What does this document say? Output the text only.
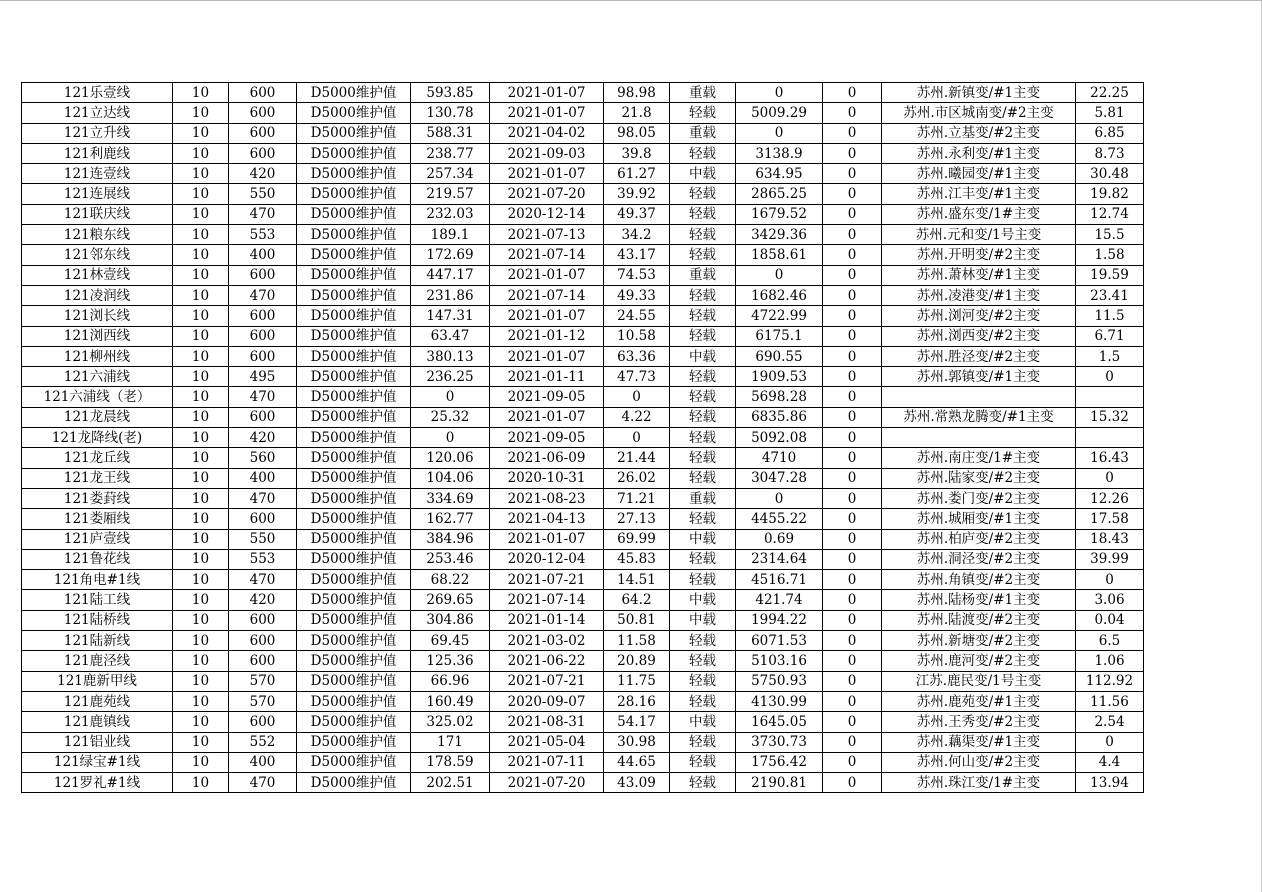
121乐壹线	10	600	D5000维护值	593.85	2021-01-07	98.98	重载	0	0	苏州.新镇变/#1主变	22.25
121立达线	10	600	D5000维护值	130.78	2021-01-07	21.8	轻载	5009.29	0	苏州.市区城南变/#2主变	5.81
121立升线	10	600	D5000维护值	588.31	2021-04-02	98.05	重载	0	0	苏州.立基变/#2主变	6.85
121利鹿线	10	600	D5000维护值	238.77	2021-09-03	39.8	轻载	3138.9	0	苏州.永利变/#1主变	8.73
121连壹线	10	420	D5000维护值	257.34	2021-01-07	61.27	中载	634.95	0	苏州.曦园变/#1主变	30.48
121连展线	10	550	D5000维护值	219.57	2021-07-20	39.92	轻载	2865.25	0	苏州.江丰变/#1主变	19.82
121联庆线	10	470	D5000维护值	232.03	2020-12-14	49.37	轻载	1679.52	0	苏州.盛东变/1#主变	12.74
121粮东线	10	553	D5000维护值	189.1	2021-07-13	34.2	轻载	3429.36	0	苏州.元和变/1号主变	15.5
121邻东线	10	400	D5000维护值	172.69	2021-07-14	43.17	轻载	1858.61	0	苏州.开明变/#2主变	1.58
121林壹线	10	600	D5000维护值	447.17	2021-01-07	74.53	重载	0	0	苏州.萧林变/#1主变	19.59
121凌润线	10	470	D5000维护值	231.86	2021-07-14	49.33	轻载	1682.46	0	苏州.凌港变/#1主变	23.41
121浏长线	10	600	D5000维护值	147.31	2021-01-07	24.55	轻载	4722.99	0	苏州.浏河变/#2主变	11.5
121浏西线	10	600	D5000维护值	63.47	2021-01-12	10.58	轻载	6175.1	0	苏州.浏西变/#2主变	6.71
121柳州线	10	600	D5000维护值	380.13	2021-01-07	63.36	中载	690.55	0	苏州.胜泾变/#2主变	1.5
121六浦线	10	495	D5000维护值	236.25	2021-01-11	47.73	轻载	1909.53	0	苏州.郭镇变/#1主变	0
121六浦线（老）	10	470	D5000维护值	0	2021-09-05	0	轻载	5698.28	0		
121龙晨线	10	600	D5000维护值	25.32	2021-01-07	4.22	轻载	6835.86	0	苏州.常熟龙腾变/#1主变	15.32
121龙降线(老)	10	420	D5000维护值	0	2021-09-05	0	轻载	5092.08	0		
121龙丘线	10	560	D5000维护值	120.06	2021-06-09	21.44	轻载	4710	0	苏州.南庄变/1#主变	16.43
121龙王线	10	400	D5000维护值	104.06	2020-10-31	26.02	轻载	3047.28	0	苏州.陆家变/#2主变	0
121娄葑线	10	470	D5000维护值	334.69	2021-08-23	71.21	重载	0	0	苏州.娄门变/#2主变	12.26
121娄厢线	10	600	D5000维护值	162.77	2021-04-13	27.13	轻载	4455.22	0	苏州.城厢变/#1主变	17.58
121庐壹线	10	550	D5000维护值	384.96	2021-01-07	69.99	中载	0.69	0	苏州.柏庐变/#2主变	18.43
121鲁花线	10	553	D5000维护值	253.46	2020-12-04	45.83	轻载	2314.64	0	苏州.洞泾变/#2主变	39.99
121角电#1线	10	470	D5000维护值	68.22	2021-07-21	14.51	轻载	4516.71	0	苏州.角镇变/#2主变	0
121陆工线	10	420	D5000维护值	269.65	2021-07-14	64.2	中载	421.74	0	苏州.陆杨变/#1主变	3.06
121陆桥线	10	600	D5000维护值	304.86	2021-01-14	50.81	中载	1994.22	0	苏州.陆渡变/#2主变	0.04
121陆新线	10	600	D5000维护值	69.45	2021-03-02	11.58	轻载	6071.53	0	苏州.新塘变/#2主变	6.5
121鹿泾线	10	600	D5000维护值	125.36	2021-06-22	20.89	轻载	5103.16	0	苏州.鹿河变/#2主变	1.06
121鹿新甲线	10	570	D5000维护值	66.96	2021-07-21	11.75	轻载	5750.93	0	江苏.鹿民变/1号主变	112.92
121鹿苑线	10	570	D5000维护值	160.49	2020-09-07	28.16	轻载	4130.99	0	苏州.鹿苑变/#1主变	11.56
121鹿镇线	10	600	D5000维护值	325.02	2021-08-31	54.17	中载	1645.05	0	苏州.王秀变/#2主变	2.54
121铝业线	10	552	D5000维护值	171	2021-05-04	30.98	轻载	3730.73	0	苏州.藕渠变/#1主变	0
121绿宝#1线	10	400	D5000维护值	178.59	2021-07-11	44.65	轻载	1756.42	0	苏州.何山变/#2主变	4.4
121罗礼#1线	10	470	D5000维护值	202.51	2021-07-20	43.09	轻载	2190.81	0	苏州.珠江变/1#主变	13.94
